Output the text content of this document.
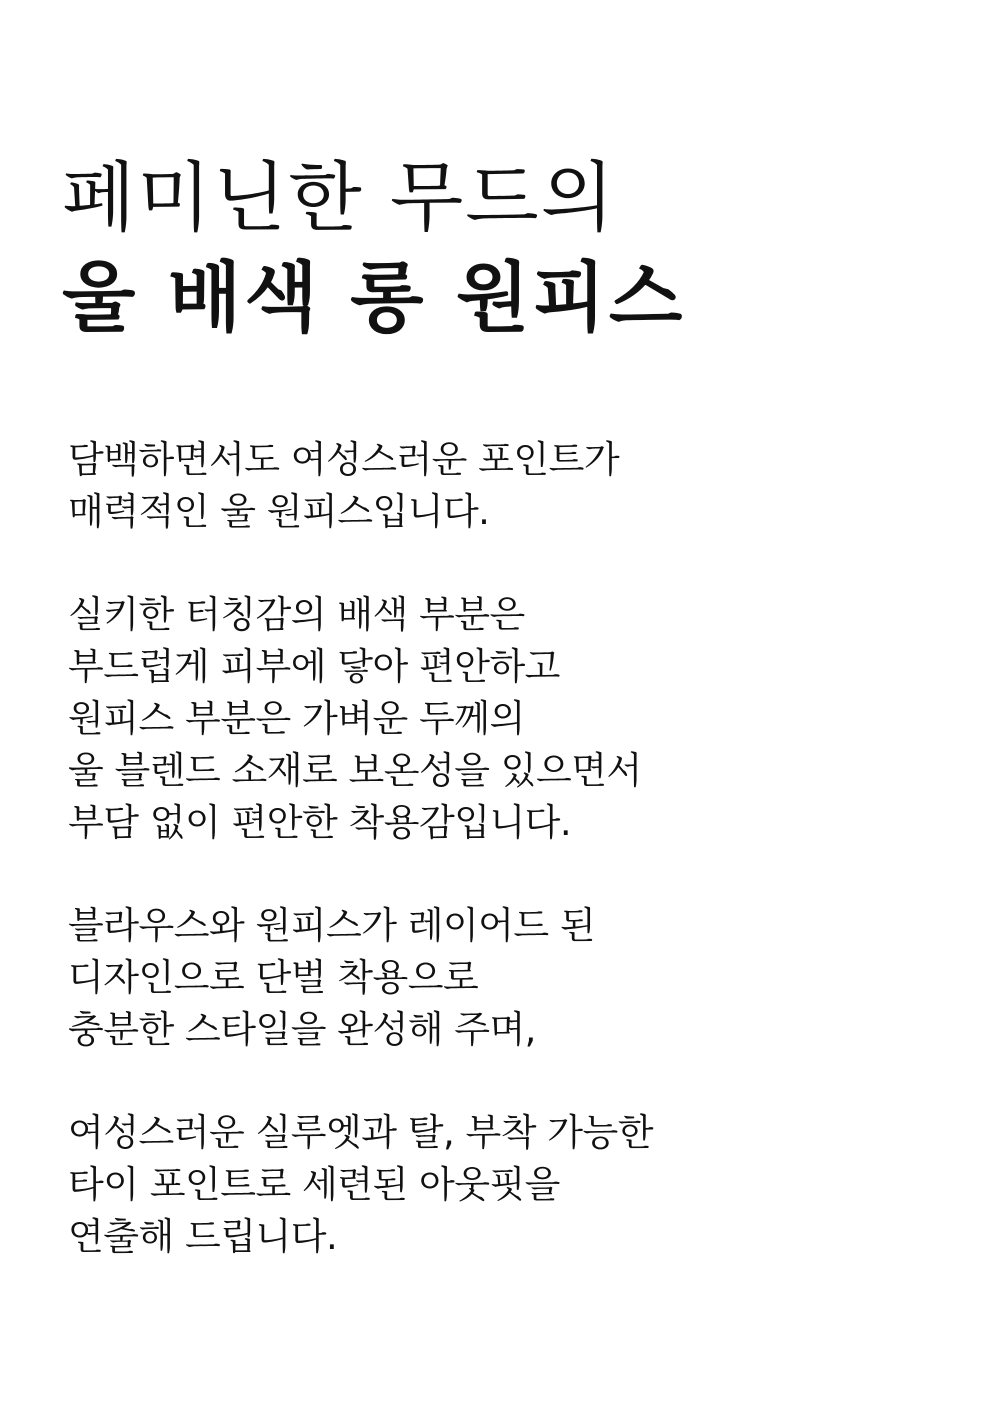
페미닌한 무드의
울 배색 롱 원피스
담백하면서도 여성스러운 포인트가
매력적인 울 원피스입니다.
실키한 터칭감의 배색 부분은
부드럽게 피부에 닿아 편안하고
원피스 부분은 가벼운 두께의
울 블렌드 소재로 보온성을 있으면서
부담 없이 편안한 착용감입니다.
블라우스와 원피스가 레이어드 된
디자인으로 단벌 착용으로
충분한 스타일을 완성해 주며,
여성스러운 실루엣과 탈, 부착 가능한
타이 포인트로 세련된 아웃핏을
연출해 드립니다.
